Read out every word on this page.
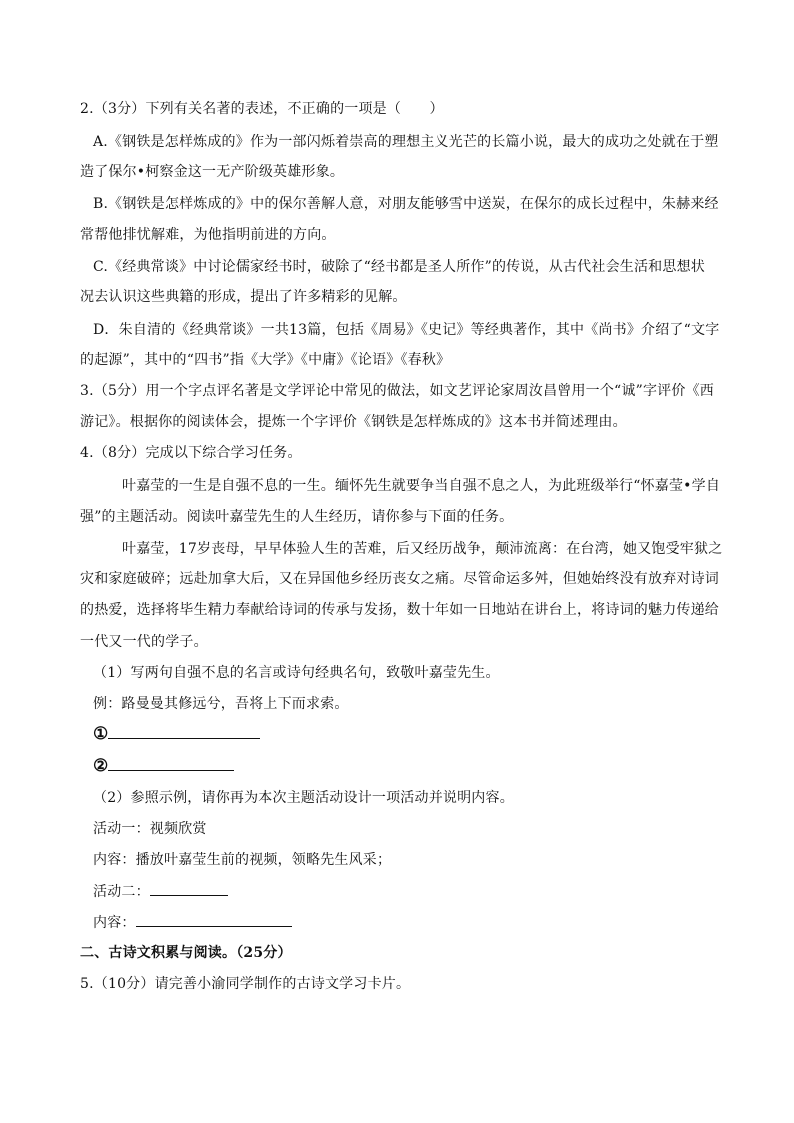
2.（3分）下列有关名著的表述，不正确的一项是（　　）
A.《钢铁是怎样炼成的》作为一部闪烁着崇高的理想主义光芒的长篇小说，最大的成功之处就在于塑
造了保尔•柯察金这一无产阶级英雄形象。
B.《钢铁是怎样炼成的》中的保尔善解人意，对朋友能够雪中送炭，在保尔的成长过程中，朱赫来经
常帮他排忧解难，为他指明前进的方向。
C.《经典常谈》中讨论儒家经书时，破除了“经书都是圣人所作”的传说，从古代社会生活和思想状
况去认识这些典籍的形成，提出了许多精彩的见解。
D．朱自清的《经典常谈》一共13篇，包括《周易》《史记》等经典著作，其中《尚书》介绍了“文字
的起源”，其中的“四书”指《大学》《中庸》《论语》《春秋》
3.（5分）用一个字点评名著是文学评论中常见的做法，如文艺评论家周汝昌曾用一个“诚”字评价《西
游记》。根据你的阅读体会，提炼一个字评价《钢铁是怎样炼成的》这本书并简述理由。
4.（8分）完成以下综合学习任务。
叶嘉莹的一生是自强不息的一生。缅怀先生就要争当自强不息之人，为此班级举行“怀嘉莹•学自
强”的主题活动。阅读叶嘉莹先生的人生经历，请你参与下面的任务。
叶嘉莹，17岁丧母，早早体验人生的苦难，后又经历战争，颠沛流离：在台湾，她又饱受牢狱之
灾和家庭破碎；远赴加拿大后，又在异国他乡经历丧女之痛。尽管命运多舛，但她始终没有放弃对诗词
的热爱，选择将毕生精力奉献给诗词的传承与发扬，数十年如一日地站在讲台上，将诗词的魅力传递给
一代又一代的学子。
（1）写两句自强不息的名言或诗句经典名句，致敬叶嘉莹先生。
例：路曼曼其修远兮，吾将上下而求索。
①
②
（2）参照示例，请你再为本次主题活动设计一项活动并说明内容。
活动一：视频欣赏
内容：播放叶嘉莹生前的视频，领略先生风采；
活动二：
内容：
二、古诗文积累与阅读。（25分）
5.（10分）请完善小渝同学制作的古诗文学习卡片。
